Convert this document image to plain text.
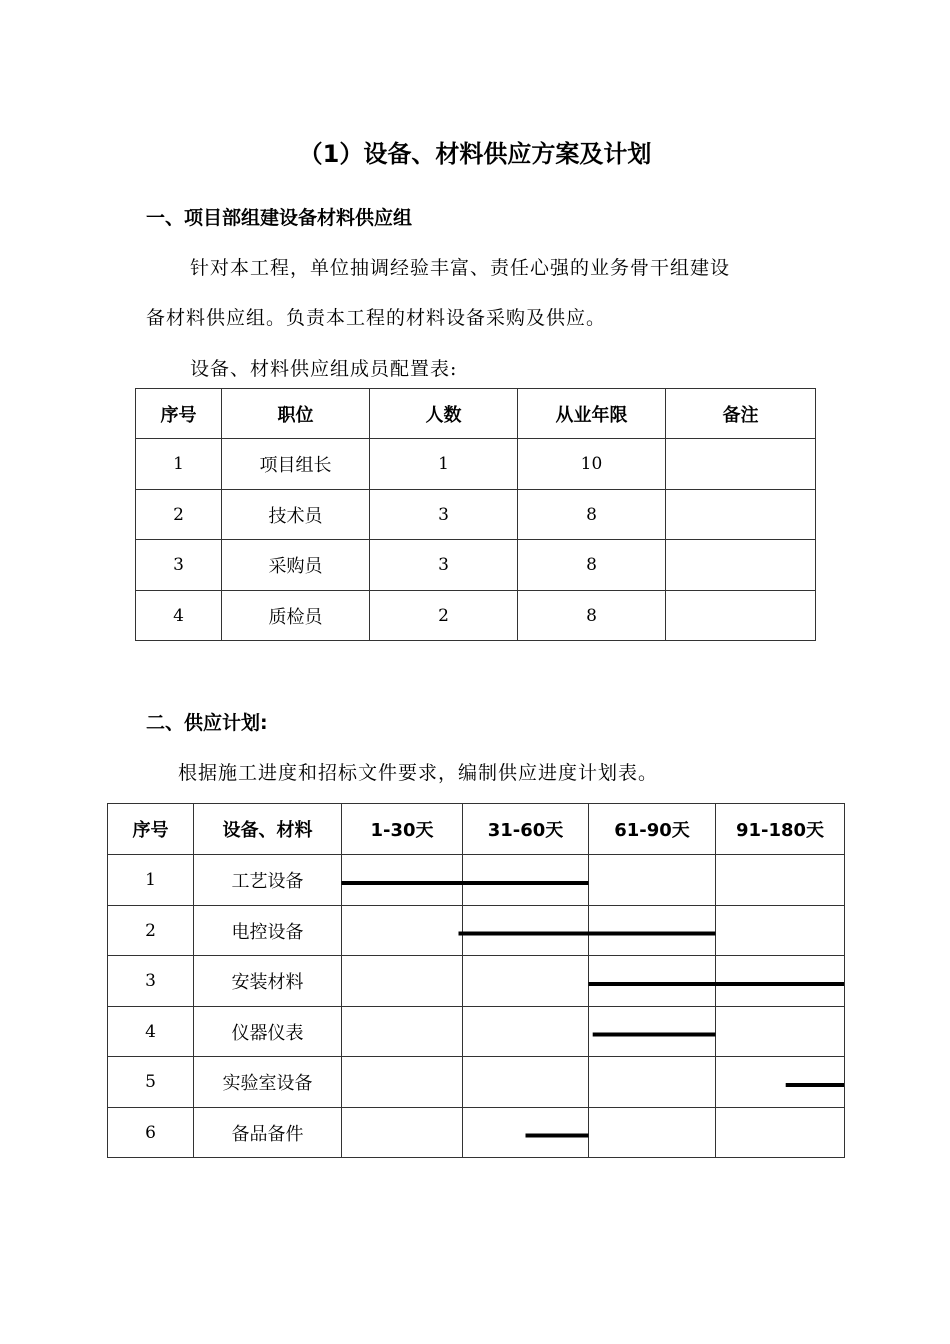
（1）设备、材料供应方案及计划
一、项目部组建设备材料供应组
针对本工程，单位抽调经验丰富、责任心强的业务骨干组建设
备材料供应组。负责本工程的材料设备采购及供应。
设备、材料供应组成员配置表:
序号	职位	人数	从业年限	备注
1	项目组长	1	10	
2	技术员	3	8	
3	采购员	3	8	
4	质检员	2	8	
二、供应计划:
根据施工进度和招标文件要求，编制供应进度计划表。
序号	设备、材料	1-30天	31-60天	61-90天	91-180天
1	工艺设备				
2	电控设备				
3	安装材料				
4	仪器仪表				
5	实验室设备				
6	备品备件				
